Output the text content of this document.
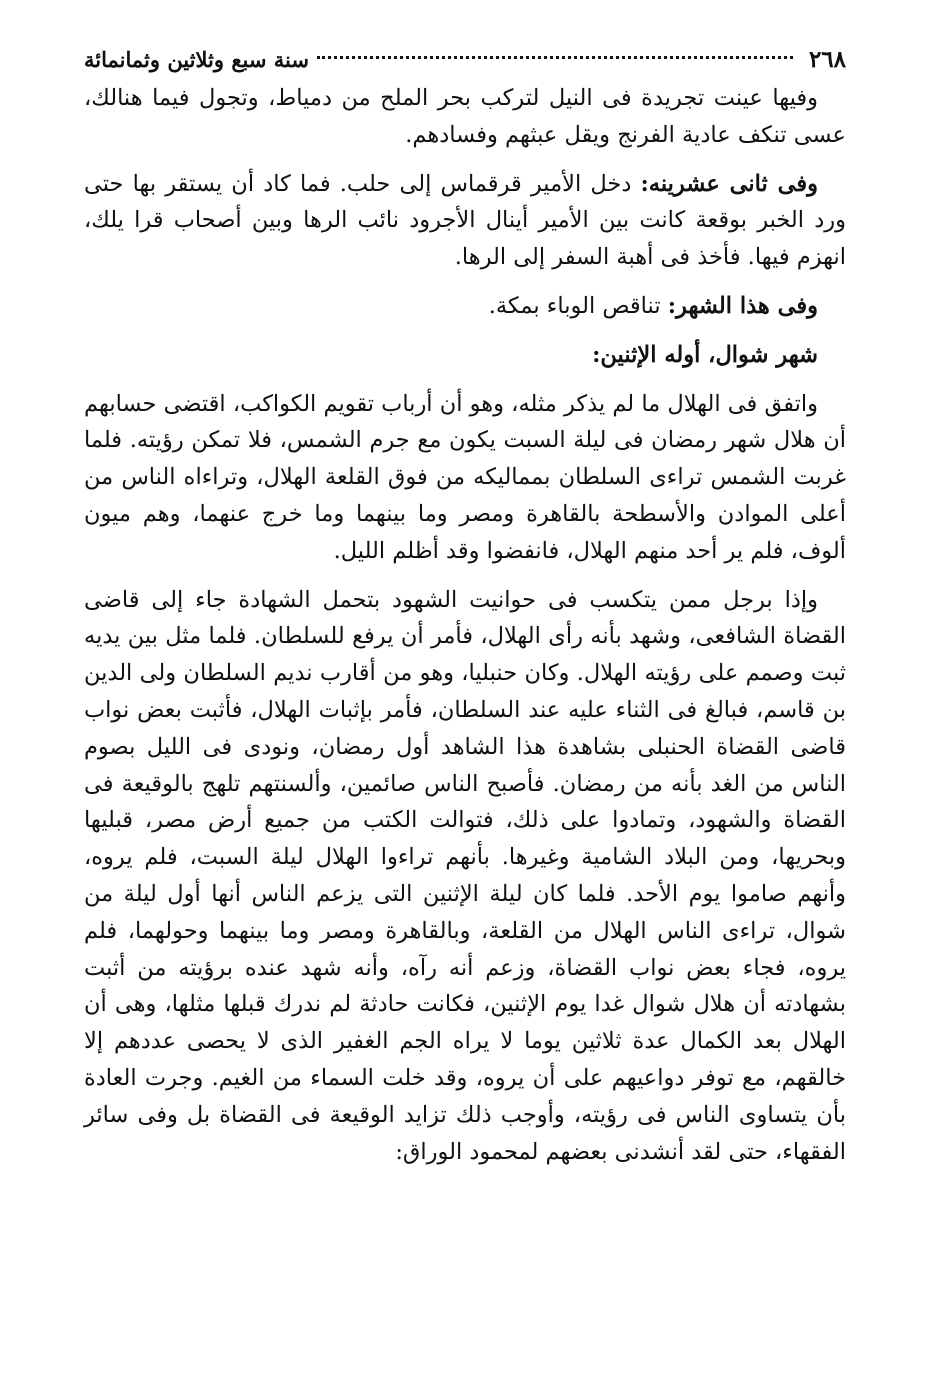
٢٦٨
سنة سبع وثلاثين وثمانمائة

وفيها عينت تجريدة فى النيل لتركب بحر الملح من دمياط، وتجول فيما هنالك، عسى تنكف عادية الفرنج ويقل عبثهم وفسادهم.

وفى ثانى عشرينه: دخل الأمير قرقماس إلى حلب. فما كاد أن يستقر بها حتى ورد الخبر بوقعة كانت بين الأمير أينال الأجرود نائب الرها وبين أصحاب قرا يلك، انهزم فيها. فأخذ فى أهبة السفر إلى الرها.

وفى هذا الشهر: تناقص الوباء بمكة.

شهر شوال، أوله الإثنين:

واتفق فى الهلال ما لم يذكر مثله، وهو أن أرباب تقويم الكواكب، اقتضى حسابهم أن هلال شهر رمضان فى ليلة السبت يكون مع جرم الشمس، فلا تمكن رؤيته. فلما غربت الشمس تراءى السلطان بمماليكه من فوق القلعة الهلال، وتراءاه الناس من أعلى الموادن والأسطحة بالقاهرة ومصر وما بينهما وما خرج عنهما، وهم ميون ألوف، فلم ير أحد منهم الهلال، فانفضوا وقد أظلم الليل.

وإذا برجل ممن يتكسب فى حوانيت الشهود بتحمل الشهادة جاء إلى قاضى القضاة الشافعى، وشهد بأنه رأى الهلال، فأمر أن يرفع للسلطان. فلما مثل بين يديه ثبت وصمم على رؤيته الهلال. وكان حنبليا، وهو من أقارب نديم السلطان ولى الدين بن قاسم، فبالغ فى الثناء عليه عند السلطان، فأمر بإثبات الهلال، فأثبت بعض نواب قاضى القضاة الحنبلى بشاهدة هذا الشاهد أول رمضان، ونودى فى الليل بصوم الناس من الغد بأنه من رمضان. فأصبح الناس صائمين، وألسنتهم تلهج بالوقيعة فى القضاة والشهود، وتمادوا على ذلك، فتوالت الكتب من جميع أرض مصر، قبليها وبحريها، ومن البلاد الشامية وغيرها. بأنهم تراءوا الهلال ليلة السبت، فلم يروه، وأنهم صاموا يوم الأحد. فلما كان ليلة الإثنين التى يزعم الناس أنها أول ليلة من شوال، تراءى الناس الهلال من القلعة، وبالقاهرة ومصر وما بينهما وحولهما، فلم يروه، فجاء بعض نواب القضاة، وزعم أنه رآه، وأنه شهد عنده برؤيته من أثبت بشهادته أن هلال شوال غدا يوم الإثنين، فكانت حادثة لم ندرك قبلها مثلها، وهى أن الهلال بعد الكمال عدة ثلاثين يوما لا يراه الجم الغفير الذى لا يحصى عددهم إلا خالقهم، مع توفر دواعيهم على أن يروه، وقد خلت السماء من الغيم. وجرت العادة بأن يتساوى الناس فى رؤيته، وأوجب ذلك تزايد الوقيعة فى القضاة بل وفى سائر الفقهاء، حتى لقد أنشدنى بعضهم لمحمود الوراق:
